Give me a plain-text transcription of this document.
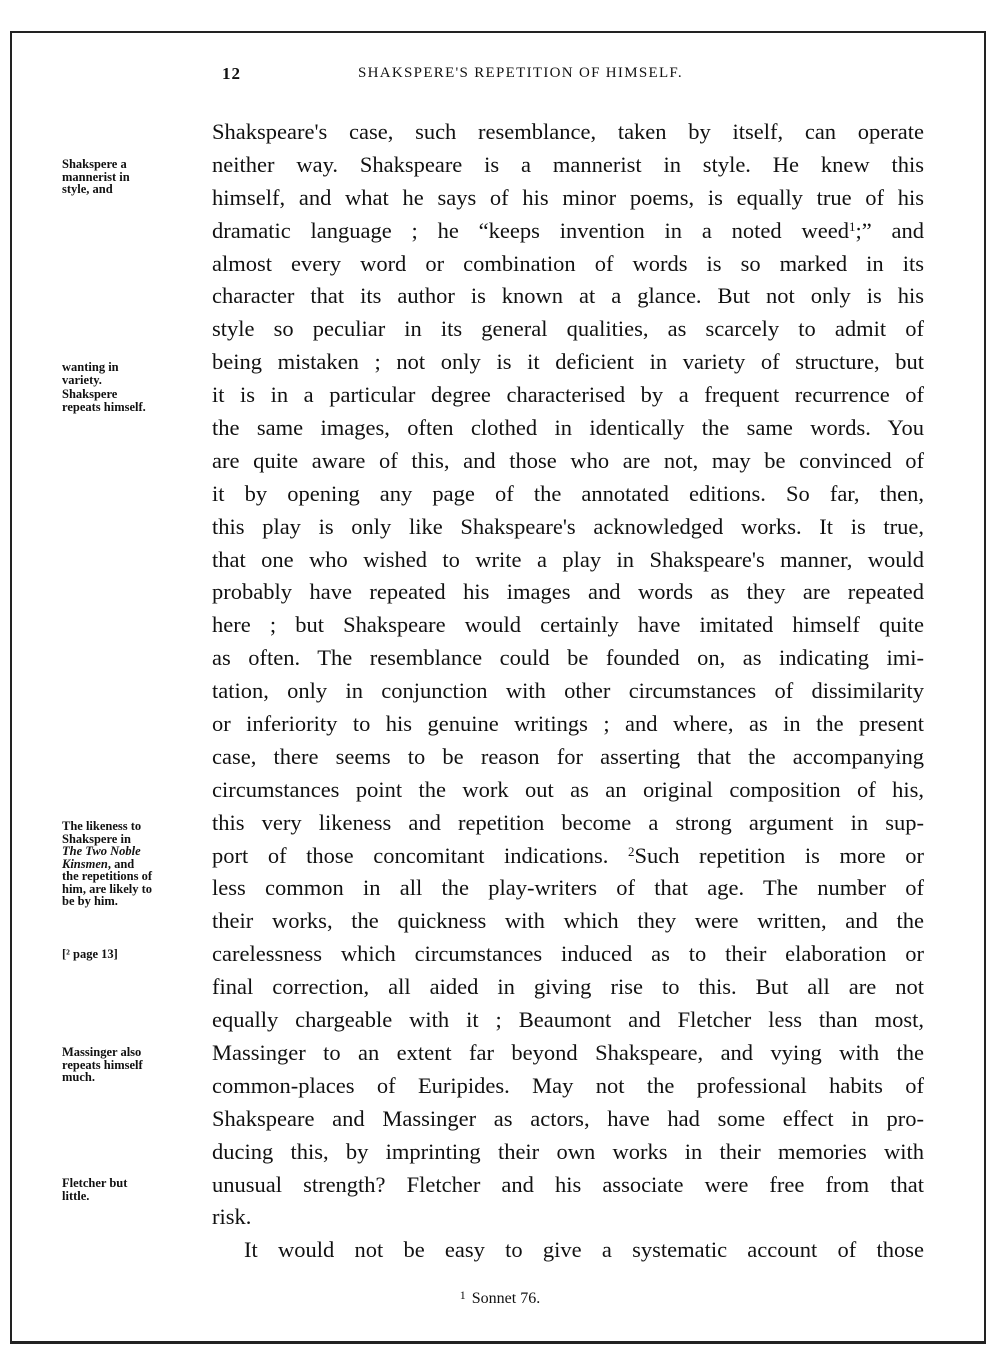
12	SHAKSPERE'S REPETITION OF HIMSELF.
Shakspere a
mannerist in
style, and
wanting in
variety.
Shakspere
repeats himself.
The likeness to
Shakspere in
The Two Noble
Kinsmen, and
the repetitions of
him, are likely to
be by him.
[² page 13]
Massinger also
repeats himself
much.
Fletcher but
little.
Shakspeare's case, such resemblance, taken by itself, can operate
neither way. Shakspeare is a mannerist in style. He knew this
himself, and what he says of his minor poems, is equally true of his
dramatic language ; he “keeps invention in a noted weed$^1$;” and
almost every word or combination of words is so marked in its
character that its author is known at a glance. But not only is his
style so peculiar in its general qualities, as scarcely to admit of
being mistaken ; not only is it deficient in variety of structure, but
it is in a particular degree characterised by a frequent recurrence of
the same images, often clothed in identically the same words. You
are quite aware of this, and those who are not, may be convinced of
it by opening any page of the annotated editions. So far, then,
this play is only like Shakspeare's acknowledged works. It is true,
that one who wished to write a play in Shakspeare's manner, would
probably have repeated his images and words as they are repeated
here ; but Shakspeare would certainly have imitated himself quite
as often. The resemblance could be founded on, as indicating imi-
tation, only in conjunction with other circumstances of dissimilarity
or inferiority to his genuine writings ; and where, as in the present
case, there seems to be reason for asserting that the accompanying
circumstances point the work out as an original composition of his,
this very likeness and repetition become a strong argument in sup-
port of those concomitant indications. $^2$Such repetition is more or
less common in all the play-writers of that age. The number of
their works, the quickness with which they were written, and the
carelessness which circumstances induced as to their elaboration or
final correction, all aided in giving rise to this. But all are not
equally chargeable with it ; Beaumont and Fletcher less than most,
Massinger to an extent far beyond Shakspeare, and vying with the
common-places of Euripides. May not the professional habits of
Shakspeare and Massinger as actors, have had some effect in pro-
ducing this, by imprinting their own works in their memories with
unusual strength? Fletcher and his associate were free from that
risk.
It would not be easy to give a systematic account of those
$^1$ Sonnet 76.
